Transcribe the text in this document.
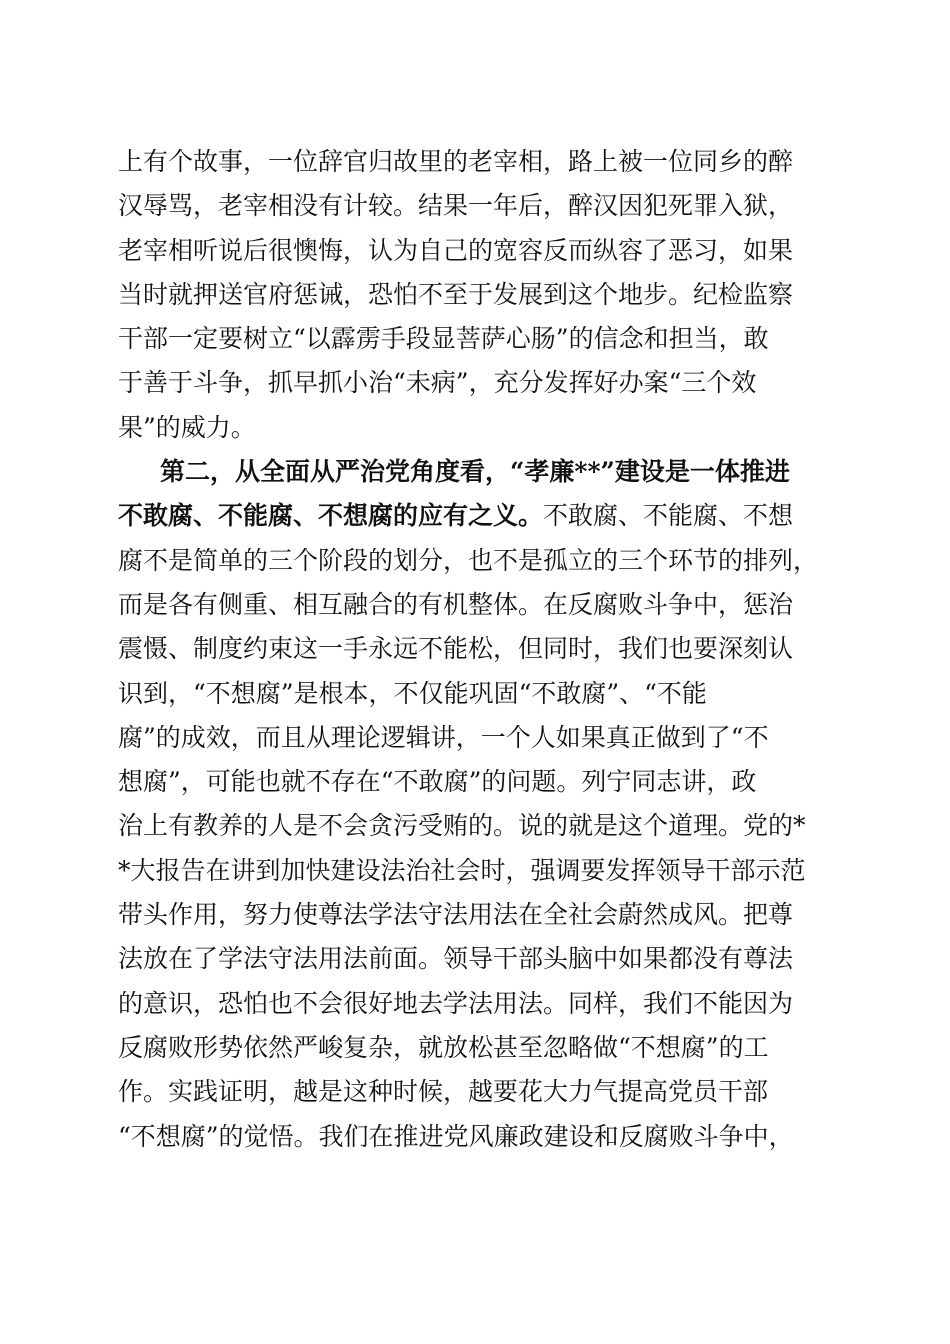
上有个故事，一位辞官归故里的老宰相，路上被一位同乡的醉
汉辱骂，老宰相没有计较。结果一年后，醉汉因犯死罪入狱，
老宰相听说后很懊悔，认为自己的宽容反而纵容了恶习，如果
当时就押送官府惩诫，恐怕不至于发展到这个地步。纪检监察
干部一定要树立“以霹雳手段显菩萨心肠”的信念和担当，敢
于善于斗争，抓早抓小治“未病”，充分发挥好办案“三个效
果”的威力。
第二，从全面从严治党角度看，“孝廉**”建设是一体推进
不敢腐、不能腐、不想腐的应有之义。不敢腐、不能腐、不想
腐不是简单的三个阶段的划分，也不是孤立的三个环节的排列，
而是各有侧重、相互融合的有机整体。在反腐败斗争中，惩治
震慑、制度约束这一手永远不能松，但同时，我们也要深刻认
识到，“不想腐”是根本，不仅能巩固“不敢腐”、“不能
腐”的成效，而且从理论逻辑讲，一个人如果真正做到了“不
想腐”，可能也就不存在“不敢腐”的问题。列宁同志讲，政
治上有教养的人是不会贪污受贿的。说的就是这个道理。党的*
*大报告在讲到加快建设法治社会时，强调要发挥领导干部示范
带头作用，努力使尊法学法守法用法在全社会蔚然成风。把尊
法放在了学法守法用法前面。领导干部头脑中如果都没有尊法
的意识，恐怕也不会很好地去学法用法。同样，我们不能因为
反腐败形势依然严峻复杂，就放松甚至忽略做“不想腐”的工
作。实践证明，越是这种时候，越要花大力气提高党员干部
“不想腐”的觉悟。我们在推进党风廉政建设和反腐败斗争中，
